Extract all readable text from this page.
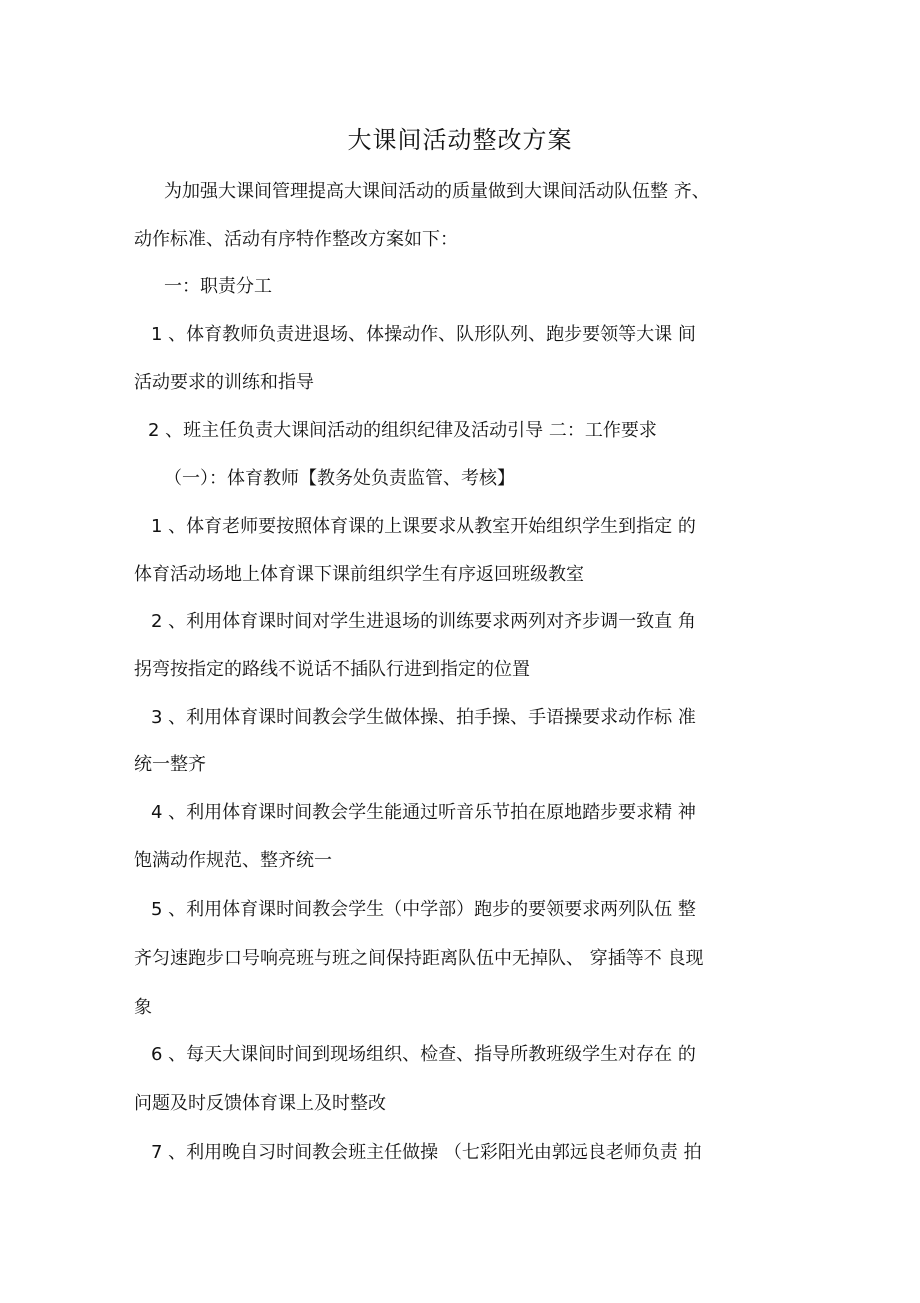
大课间活动整改方案

为加强大课间管理提高大课间活动的质量做到大课间活动队伍整 齐、

动作标准、活动有序特作整改方案如下：

一：职责分工

1 、体育教师负责进退场、体操动作、队形队列、跑步要领等大课 间

活动要求的训练和指导

2 、班主任负责大课间活动的组织纪律及活动引导 二：工作要求

（一）：体育教师【教务处负责监管、考核】

1 、体育老师要按照体育课的上课要求从教室开始组织学生到指定 的

体育活动场地上体育课下课前组织学生有序返回班级教室

2 、利用体育课时间对学生进退场的训练要求两列对齐步调一致直 角

拐弯按指定的路线不说话不插队行进到指定的位置

3 、利用体育课时间教会学生做体操、拍手操、手语操要求动作标 准

统一整齐

4 、利用体育课时间教会学生能通过听音乐节拍在原地踏步要求精 神

饱满动作规范、整齐统一

5 、利用体育课时间教会学生（中学部）跑步的要领要求两列队伍 整

齐匀速跑步口号响亮班与班之间保持距离队伍中无掉队、 穿插等不 良现

象

6 、每天大课间时间到现场组织、检查、指导所教班级学生对存在 的

问题及时反馈体育课上及时整改

7 、利用晚自习时间教会班主任做操 （七彩阳光由郭远良老师负责 拍
